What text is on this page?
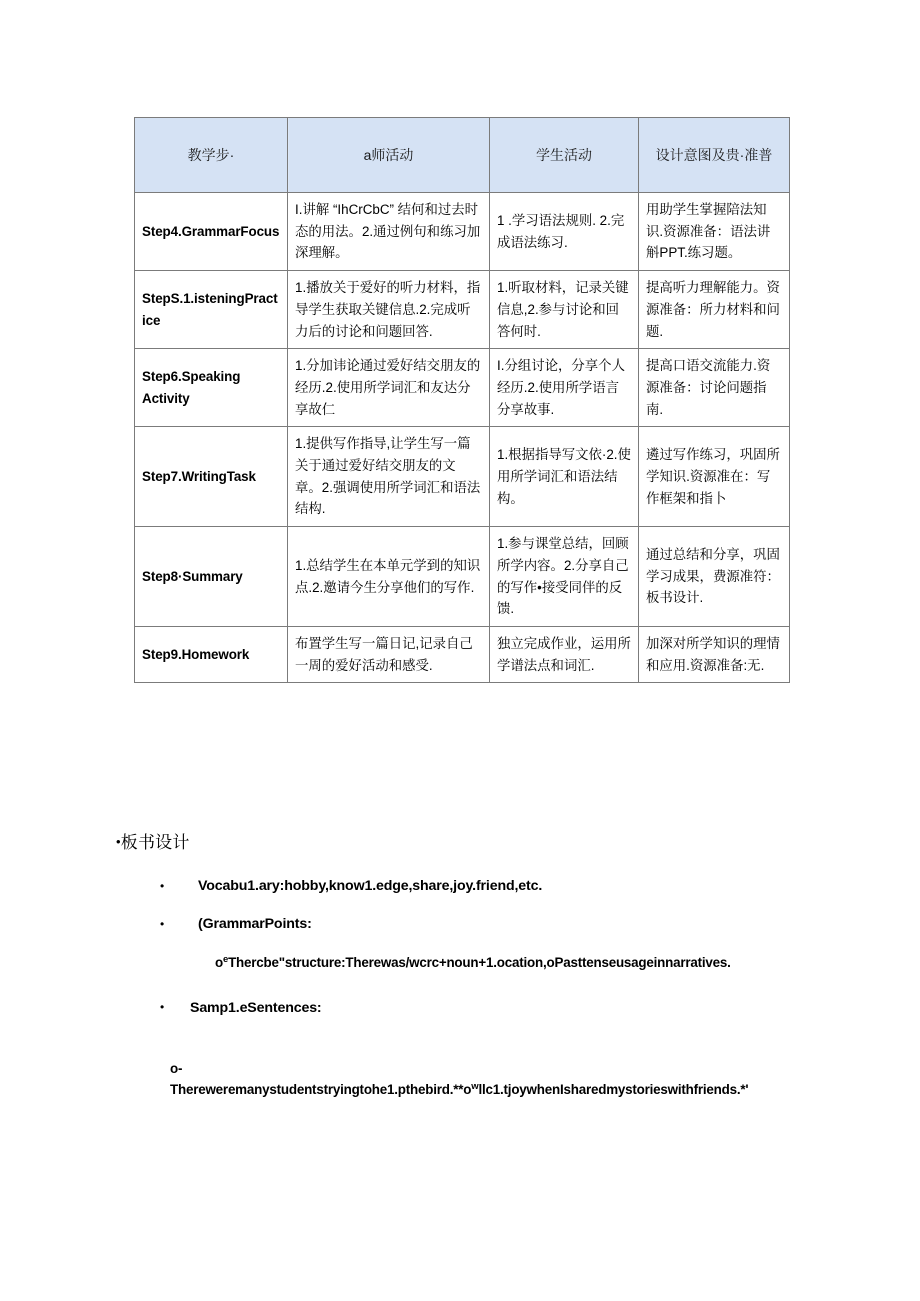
教学步·	a师活动	学生活动	设计意图及贵·准普
Step4.GrammarFocus	I.讲解 “IhCrCbC” 结何和过去时态的用法。2.通过例句和练习加深理解。	1 .学习语法规则. 2.完成语法练习.	用助学生掌握陪法知识.资源准备：语法讲斛PPT.练习题。
StepS.1.isteningPractice	1.播放关于爱好的听力材料，指导学生获取关键信息.2.完成听力后的讨论和问题回答.	1.听取材料，记录关键信息,2.参与讨论和回答何时.	提高听力理解能力。资源准备：所力材料和问题.
Step6.Speaking Activity	1.分加讳论通过爱好结交朋友的经历.2.使用所学词汇和友达分享故仁	I.分组讨论，分享个人经历.2.使用所学语言分享故事.	提高口语交流能力.资源准备：讨论问题指南.
Step7.WritingTask	1.提供写作指导,让学生写一篇关于通过爱好结交朋友的文章。2.强调使用所学词汇和语法结构.	1.根据指导写文依·2.使用所学词汇和语法结构。	遴过写作练习，巩固所学知识.资源准在：写作框架和指卜
Step8·Summary	1.总结学生在本单元学到的知识点.2.邀请今生分享他们的写作.	1.参与课堂总结，回顾所学内容。2.分享自己的写作•接受同伴的反馈.	通过总结和分享，巩固学习成果，费源准符：板书设计.
Step9.Homework	布置学生写一篇日记,记录自己一周的爱好活动和感受.	独立完成作业，运用所学谱法点和词汇.	加深对所学知识的理情和应用.资源准备:无.
•板书设计
•	Vocabu1.ary:hobby,know1.edge,share,joy.friend,etc.
•	(GrammarPoints:
$o^eThercbe"structure:Therewas/wcrc+noun+1.ocation,oPasttenseusageinnarratives$.
• Samp1.eSentences:
o-
$Thereweremanystudentstryingtohe1.pthebird.**o^wllc1.tjoywhenIsharedmystorieswithfriends.*'$
